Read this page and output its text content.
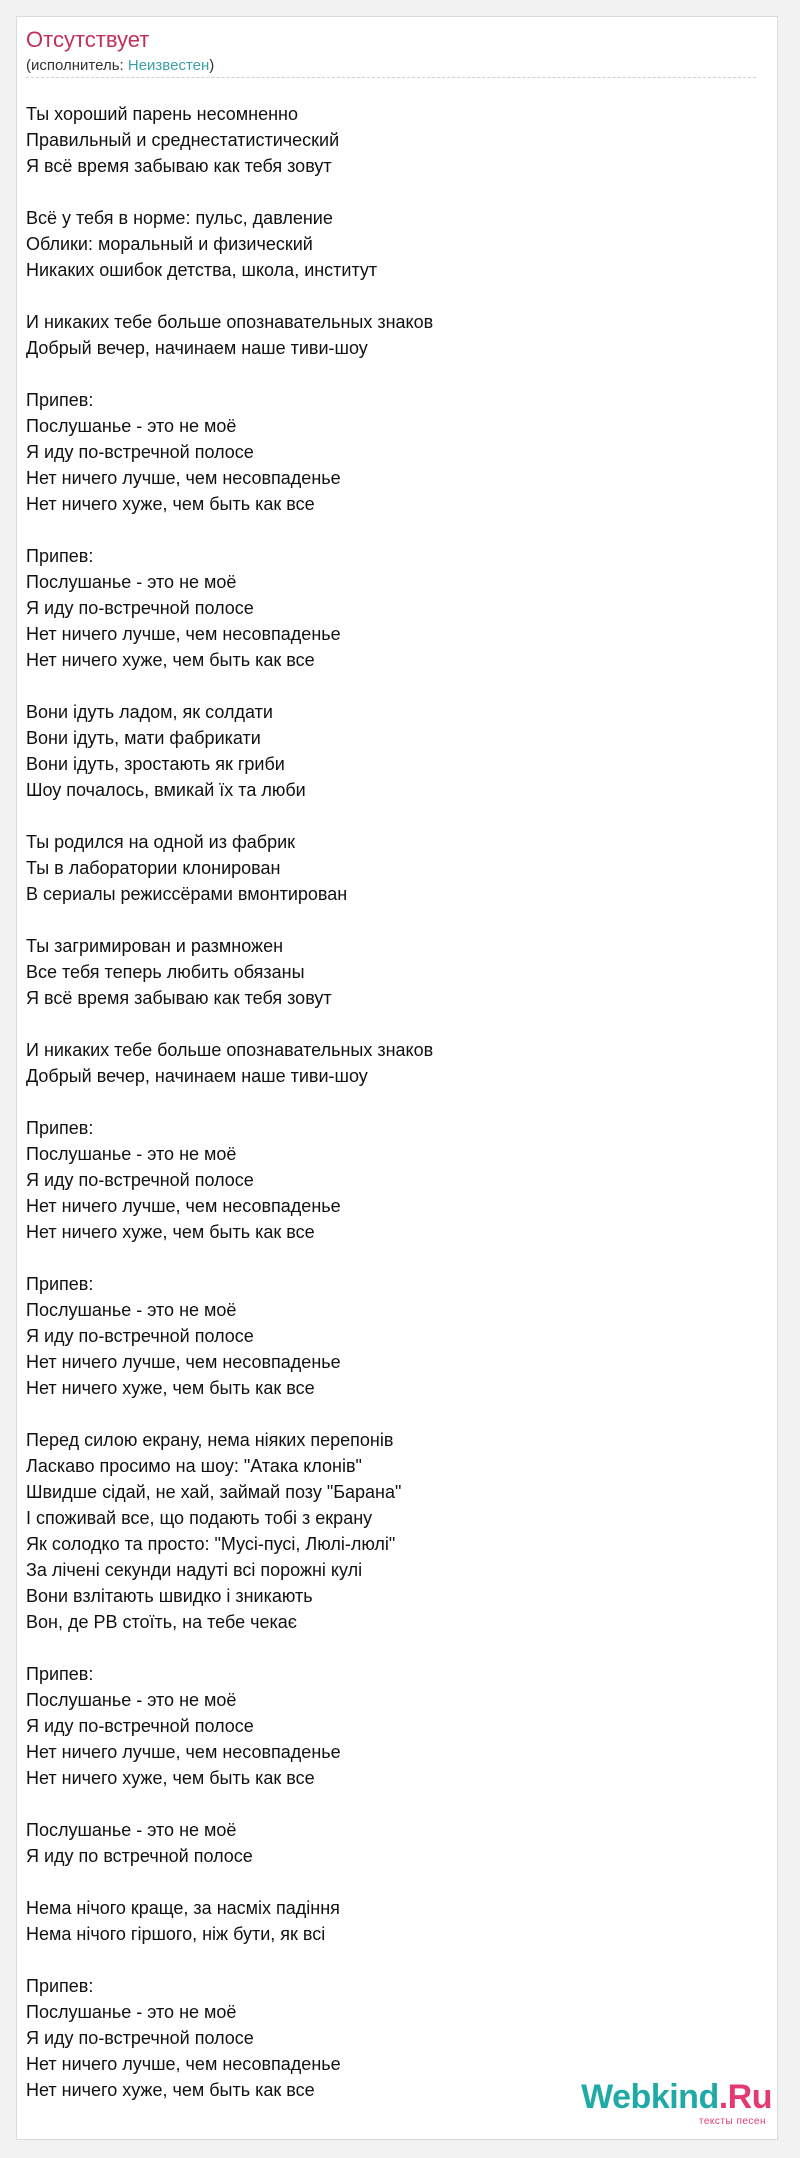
Отсутствует
(исполнитель: Неизвестен)
Ты хороший парень несомненно
Правильный и среднестатистический
Я всё время забываю как тебя зовут
Всё у тебя в норме: пульс, давление
Облики: моральный и физический
Никаких ошибок детства, школа, институт
И никаких тебе больше опознавательных знаков
Добрый вечер, начинаем наше тиви-шоу
Припев:
Послушанье - это не моё
Я иду по-встречной полосе
Нет ничего лучше, чем несовпаденье
Нет ничего хуже, чем быть как все
Припев:
Послушанье - это не моё
Я иду по-встречной полосе
Нет ничего лучше, чем несовпаденье
Нет ничего хуже, чем быть как все
Вони ідуть ладом, як солдати
Вони ідуть, мати фабрикати
Вони ідуть, зростають як гриби
Шоу почалось, вмикай їх та люби
Ты родился на одной из фабрик
Ты в лаборатории клонирован
В сериалы режиссёрами вмонтирован
Ты загримирован и размножен
Все тебя теперь любить обязаны
Я всё время забываю как тебя зовут
И никаких тебе больше опознавательных знаков
Добрый вечер, начинаем наше тиви-шоу
Припев:
Послушанье - это не моё
Я иду по-встречной полосе
Нет ничего лучше, чем несовпаденье
Нет ничего хуже, чем быть как все
Припев:
Послушанье - это не моё
Я иду по-встречной полосе
Нет ничего лучше, чем несовпаденье
Нет ничего хуже, чем быть как все
Перед силою екрану, нема ніяких перепонів
Ласкаво просимо на шоу: "Атака клонів"
Швидше сідай, не хай, займай позу "Барана"
І споживай все, що подають тобі з екрану
Як солодко та просто: "Мусі-пусі, Люлі-люлі"
За лічені секунди надуті всі порожні кулі
Вони взлітають швидко і зникають
Вон, де РВ стоїть, на тебе чекає
Припев:
Послушанье - это не моё
Я иду по-встречной полосе
Нет ничего лучше, чем несовпаденье
Нет ничего хуже, чем быть как все
Послушанье - это не моё
Я иду по встречной полосе
Нема нічого краще, за насміх падіння
Нема нічого гіршого, ніж бути, як всі
Припев:
Послушанье - это не моё
Я иду по-встречной полосе
Нет ничего лучше, чем несовпаденье
Нет ничего хуже, чем быть как все	Webkind.Ru
тексты песен
